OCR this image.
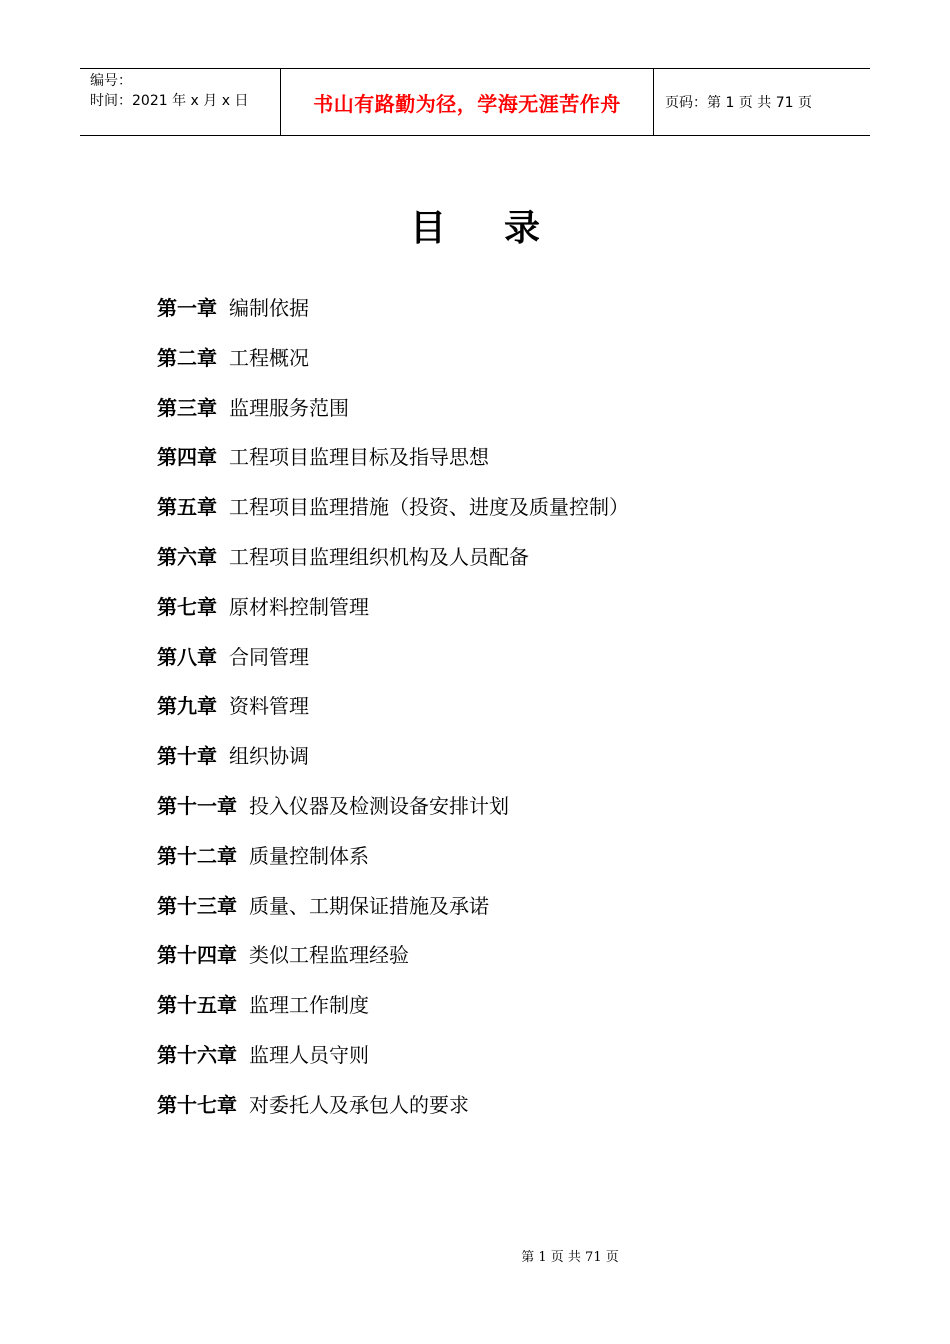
编号：
时间：2021 年 x 月 x 日	书山有路勤为径，学海无涯苦作舟	页码：第 1 页 共 71 页
目录
第一章 编制依据
第二章 工程概况
第三章 监理服务范围
第四章 工程项目监理目标及指导思想
第五章 工程项目监理措施（投资、进度及质量控制）
第六章 工程项目监理组织机构及人员配备
第七章 原材料控制管理
第八章 合同管理
第九章 资料管理
第十章 组织协调
第十一章 投入仪器及检测设备安排计划
第十二章 质量控制体系
第十三章 质量、工期保证措施及承诺
第十四章 类似工程监理经验
第十五章 监理工作制度
第十六章 监理人员守则
第十七章 对委托人及承包人的要求
第 1 页 共 71 页
